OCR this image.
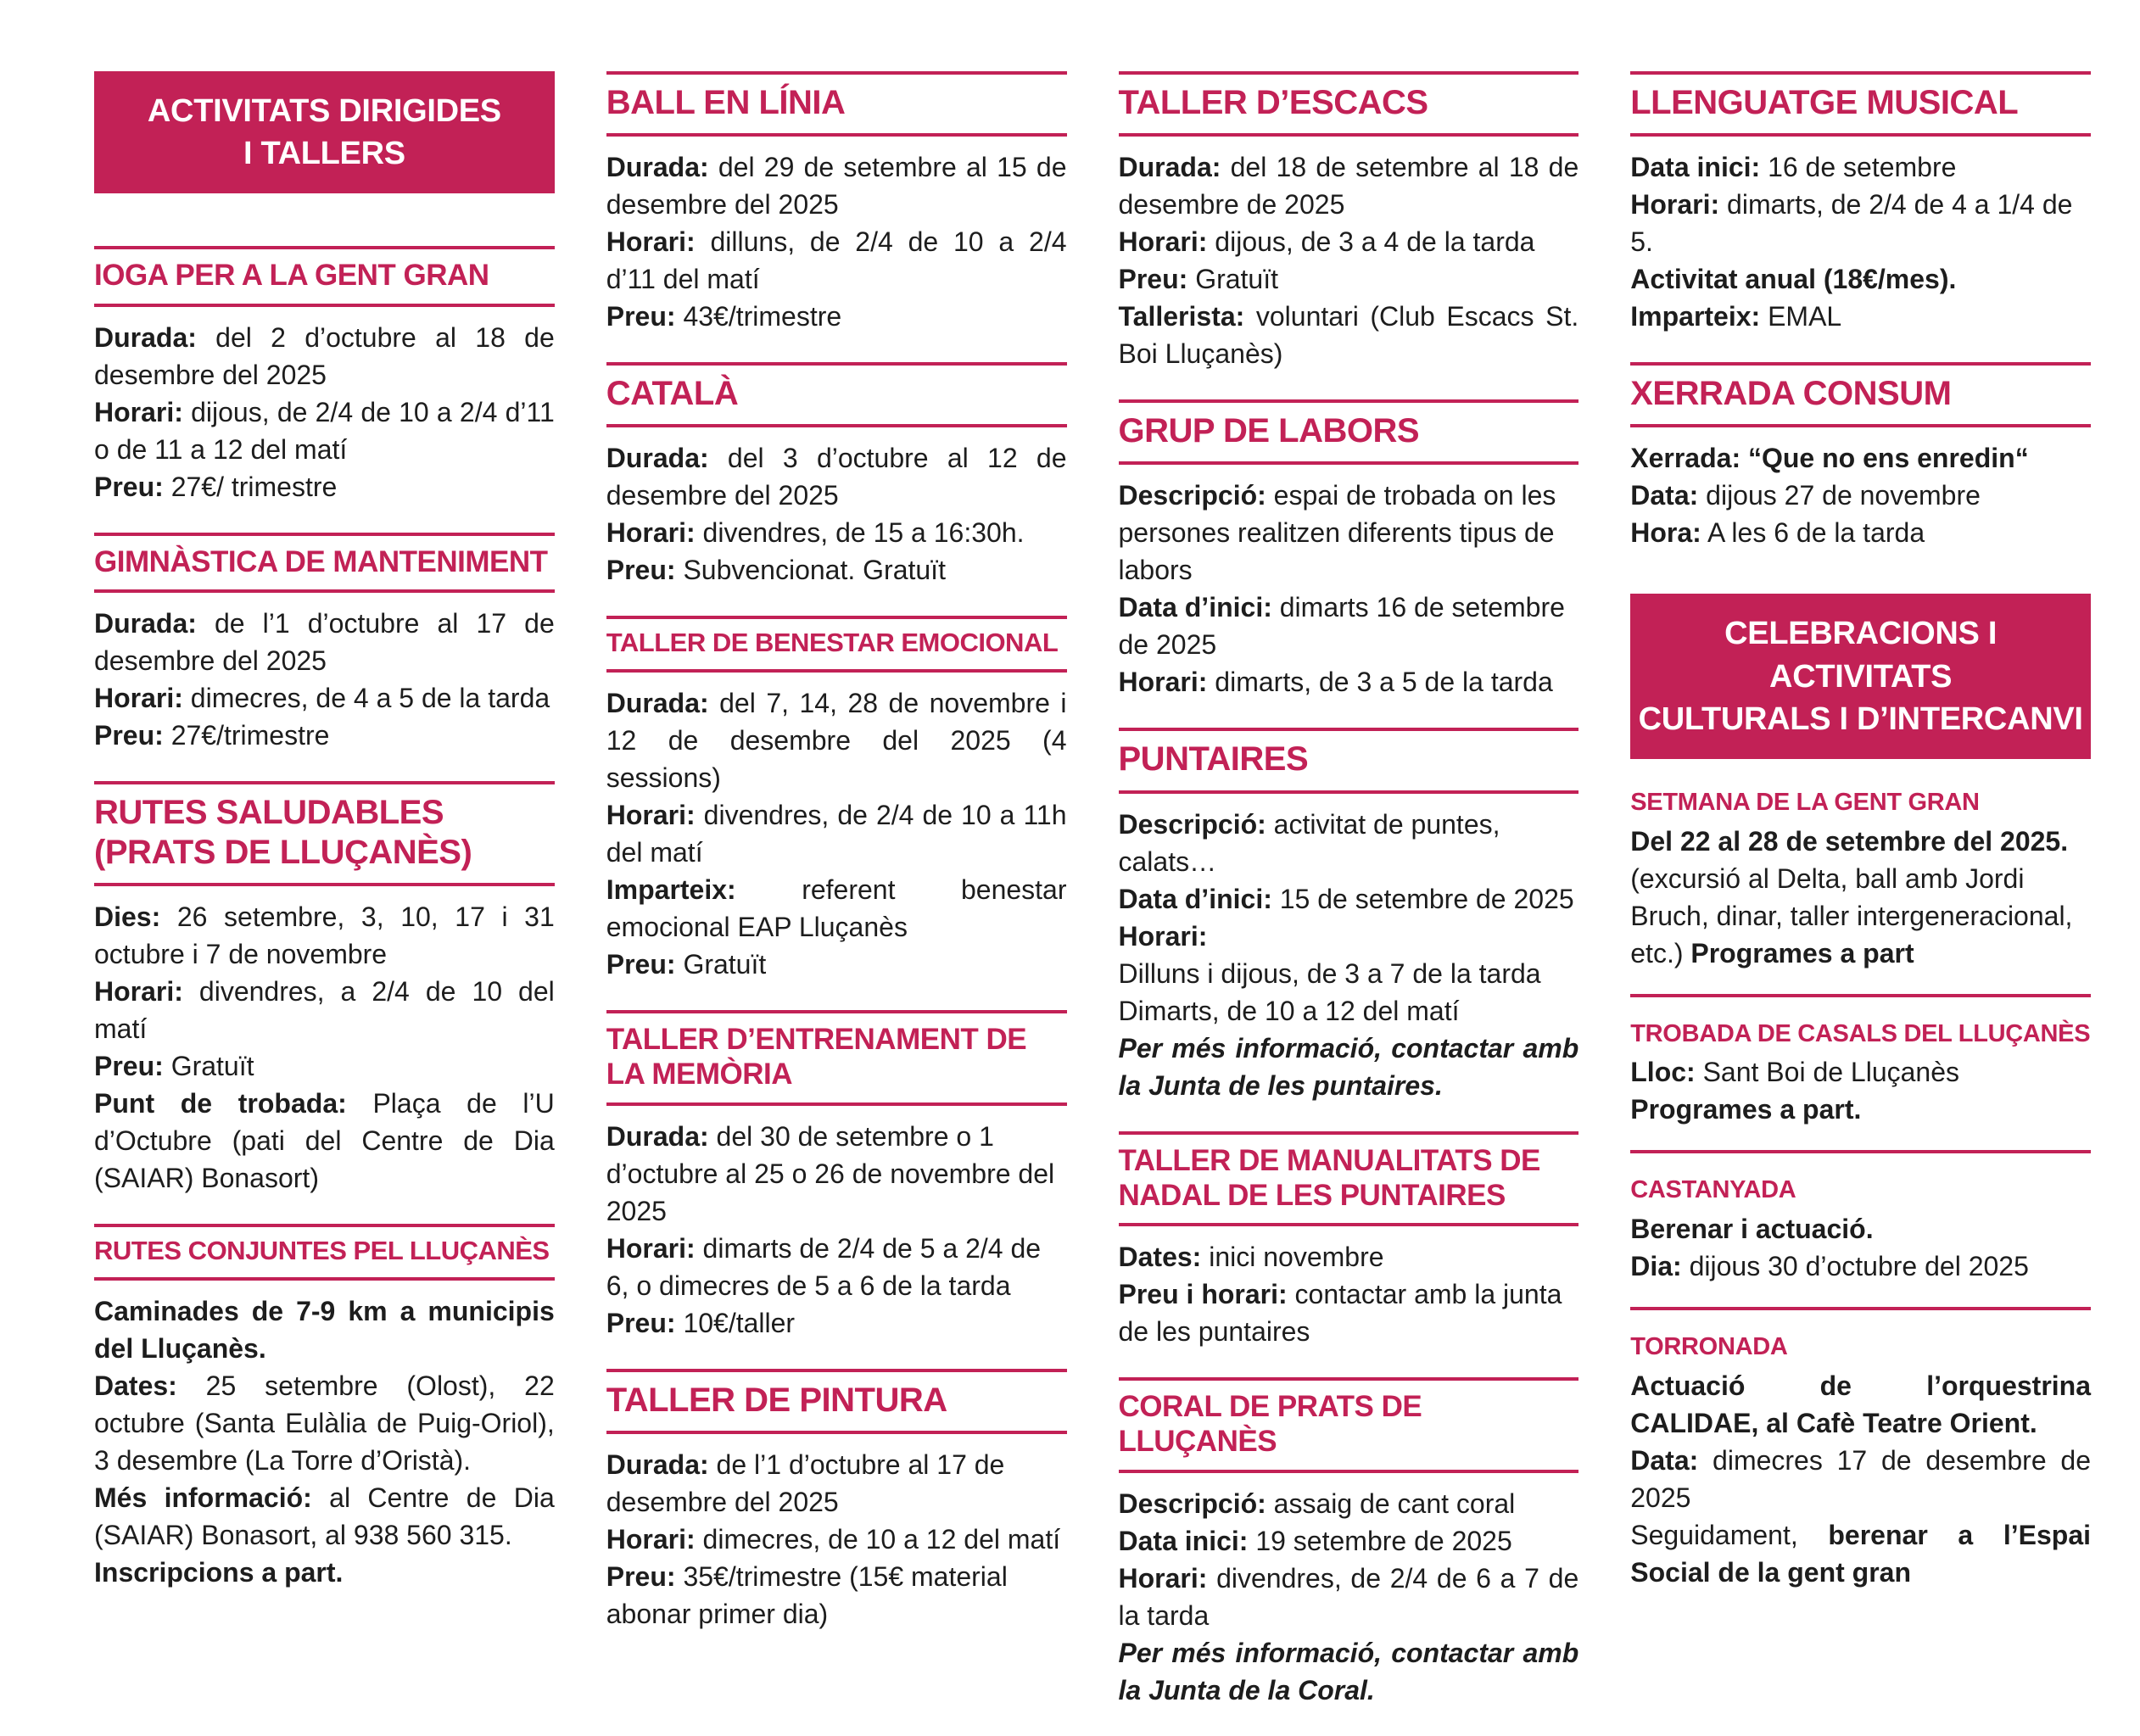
ACTIVITATS DIRIGIDES
I TALLERS
IOGA PER A LA GENT GRAN

Durada: del 2 d’octubre al 18 de desembre del 2025

Horari: dijous, de 2/4 de 10 a 2/4 d’11 o de 11 a 12 del matí

Preu: 27€/ trimestre

GIMNÀSTICA DE MANTENIMENT

Durada: de l’1 d’octubre al 17 de desembre del 2025

Horari: dimecres, de 4 a 5 de la tarda

Preu: 27€/trimestre

RUTES SALUDABLES (PRATS DE LLUÇANÈS)

Dies: 26 setembre, 3, 10, 17 i 31 octubre i 7 de novembre

Horari: divendres, a 2/4 de 10 del matí

Preu: Gratuït

Punt de trobada: Plaça de l’U d’Octubre (pati del Centre de Dia (SAIAR) Bonasort)

RUTES CONJUNTES PEL LLUÇANÈS

Caminades de 7-9 km a municipis del Lluçanès.

Dates: 25 setembre (Olost), 22 octubre (Santa Eulàlia de Puig-Oriol), 3 desembre (La Torre d’Oristà).

Més informació: al Centre de Dia (SAIAR) Bonasort, al 938 560 315.

Inscripcions a part.

BALL EN LÍNIA

Durada: del 29 de setembre al 15 de desembre del 2025

Horari: dilluns, de 2/4 de 10 a 2/4 d’11 del matí

Preu: 43€/trimestre

CATALÀ

Durada: del 3 d’octubre al 12 de desembre del 2025

Horari: divendres, de 15 a 16:30h.

Preu: Subvencionat. Gratuït

TALLER DE BENESTAR EMOCIONAL

Durada: del 7, 14, 28 de novembre i 12 de desembre del 2025 (4 sessions)

Horari: divendres, de 2/4 de 10 a 11h del matí

Imparteix: referent benestar emocional EAP Lluçanès

Preu: Gratuït

TALLER D’ENTRENAMENT DE LA MEMÒRIA

Durada: del 30 de setembre o 1 d’octubre al 25 o 26 de novembre del 2025

Horari: dimarts de 2/4 de 5 a 2/4 de 6, o dimecres de 5 a 6 de la tarda

Preu: 10€/taller

TALLER DE PINTURA

Durada: de l’1 d’octubre al 17 de desembre del 2025

Horari: dimecres, de 10 a 12 del matí

Preu: 35€/trimestre (15€ material abonar primer dia)

TALLER D’ESCACS

Durada: del 18 de setembre al 18 de desembre de 2025

Horari: dijous, de 3 a 4 de la tarda

Preu: Gratuït

Tallerista: voluntari (Club Escacs St. Boi Lluçanès)

GRUP DE LABORS

Descripció: espai de trobada on les persones realitzen diferents tipus de labors

Data d’inici: dimarts 16 de setembre de 2025

Horari: dimarts, de 3 a 5 de la tarda

PUNTAIRES

Descripció: activitat de puntes, calats…

Data d’inici: 15 de setembre de 2025

Horari:

Dilluns i dijous, de 3 a 7 de la tarda

Dimarts, de 10 a 12 del matí

Per més informació, contactar amb la Junta de les puntaires.

TALLER DE MANUALITATS DE NADAL DE LES PUNTAIRES

Dates: inici novembre

Preu i horari: contactar amb la junta de les puntaires

CORAL DE PRATS DE LLUÇANÈS

Descripció: assaig de cant coral

Data inici: 19 setembre de 2025

Horari: divendres, de 2/4 de 6 a 7 de la tarda

Per més informació, contactar amb la Junta de la Coral.

LLENGUATGE MUSICAL

Data inici: 16 de setembre

Horari: dimarts, de 2/4 de 4 a 1/4 de 5.

Activitat anual (18€/mes).

Imparteix: EMAL

XERRADA CONSUM

Xerrada: “Que no ens enredin“

Data: dijous 27 de novembre

Hora: A les 6 de la tarda

CELEBRACIONS I ACTIVITATS
CULTURALS I D’INTERCANVI
SETMANA DE LA GENT GRAN

Del 22 al 28 de setembre del 2025.

(excursió al Delta, ball amb Jordi Bruch, dinar, taller intergeneracional, etc.) Programes a part

TROBADA DE CASALS DEL LLUÇANÈS

Lloc: Sant Boi de Lluçanès

Programes a part.

CASTANYADA

Berenar i actuació.

Dia: dijous 30 d’octubre del 2025

TORRONADA

Actuació de l’orquestrina CALIDAE, al Cafè Teatre Orient.

Data: dimecres 17 de desembre de 2025

Seguidament, berenar a l’Espai Social de la gent gran
